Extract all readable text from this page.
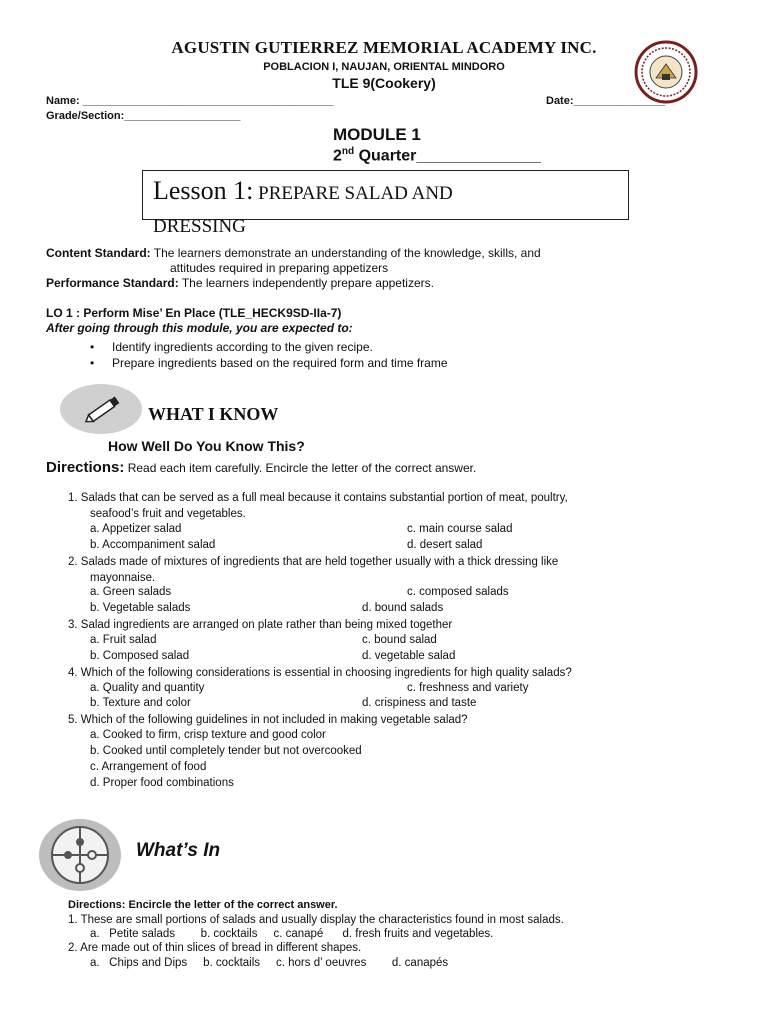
AGUSTIN GUTIERREZ MEMORIAL ACADEMY INC.
POBLACION I, NAUJAN, ORIENTAL MINDORO
TLE 9(Cookery)
Name: _________________________________________	Date:_______________
Grade/Section:___________________
MODULE 1
2nd Quarter______________
Lesson 1: PREPARE SALAD AND
DRESSING
Content Standard: The learners demonstrate an understanding of the knowledge, skills, and
attitudes required in preparing appetizers
Performance Standard: The learners independently prepare appetizers.
LO 1 : Perform Mise’ En Place (TLE_HECK9SD-IIa-7)
After going through this module, you are expected to:
• Identify ingredients according to the given recipe.
• Prepare ingredients based on the required form and time frame
WHAT I KNOW
How Well Do You Know This?
Directions: Read each item carefully. Encircle the letter of the correct answer.
1. Salads that can be served as a full meal because it contains substantial portion of meat, poultry,
seafood’s fruit and vegetables.
a. Appetizer salad	c. main course salad
b. Accompaniment salad	d. desert salad
2. Salads made of mixtures of ingredients that are held together usually with a thick dressing like
mayonnaise.
a. Green salads	c. composed salads
b. Vegetable salads	d. bound salads
3. Salad ingredients are arranged on plate rather than being mixed together
a. Fruit salad	c. bound salad
b. Composed salad	d. vegetable salad
4. Which of the following considerations is essential in choosing ingredients for high quality salads?
a. Quality and quantity	c. freshness and variety
b. Texture and color	d. crispiness and taste
5. Which of the following guidelines in not included in making vegetable salad?
a. Cooked to firm, crisp texture and good color
b. Cooked until completely tender but not overcooked
c. Arrangement of food
d. Proper food combinations
What’s In
Directions: Encircle the letter of the correct answer.
1. These are small portions of salads and usually display the characteristics found in most salads.
a.   Petite salads        b. cocktails     c. canapé      d. fresh fruits and vegetables.
2. Are made out of thin slices of bread in different shapes.
a.   Chips and Dips     b. cocktails     c. hors d’ oeuvres        d. canapés
